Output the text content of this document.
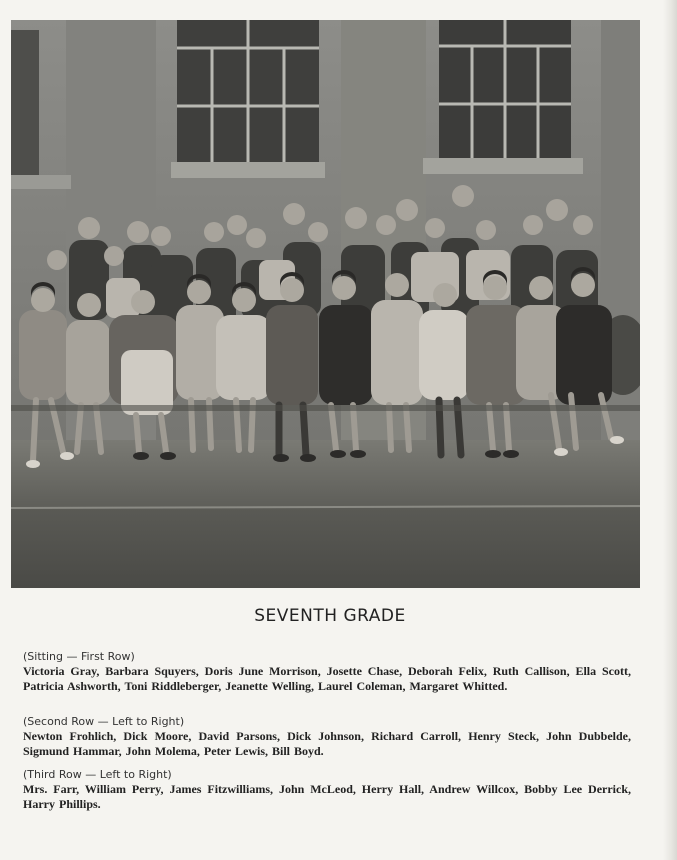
SEVENTH GRADE
(Sitting — First Row)
Victoria Gray, Barbara Squyers, Doris June Morrison, Josette Chase, Deborah Felix, Ruth Callison, Ella Scott, Patricia Ashworth, Toni Riddleberger, Jeanette Welling, Laurel Coleman, Margaret Whitted.
(Second Row — Left to Right)
Newton Frohlich, Dick Moore, David Parsons, Dick Johnson, Richard Carroll, Henry Steck, John Dubbelde, Sigmund Hammar, John Molema, Peter Lewis, Bill Boyd.
(Third Row — Left to Right)
Mrs. Farr, William Perry, James Fitzwilliams, John McLeod, Herry Hall, Andrew Willcox, Bobby Lee Derrick, Harry Phillips.
